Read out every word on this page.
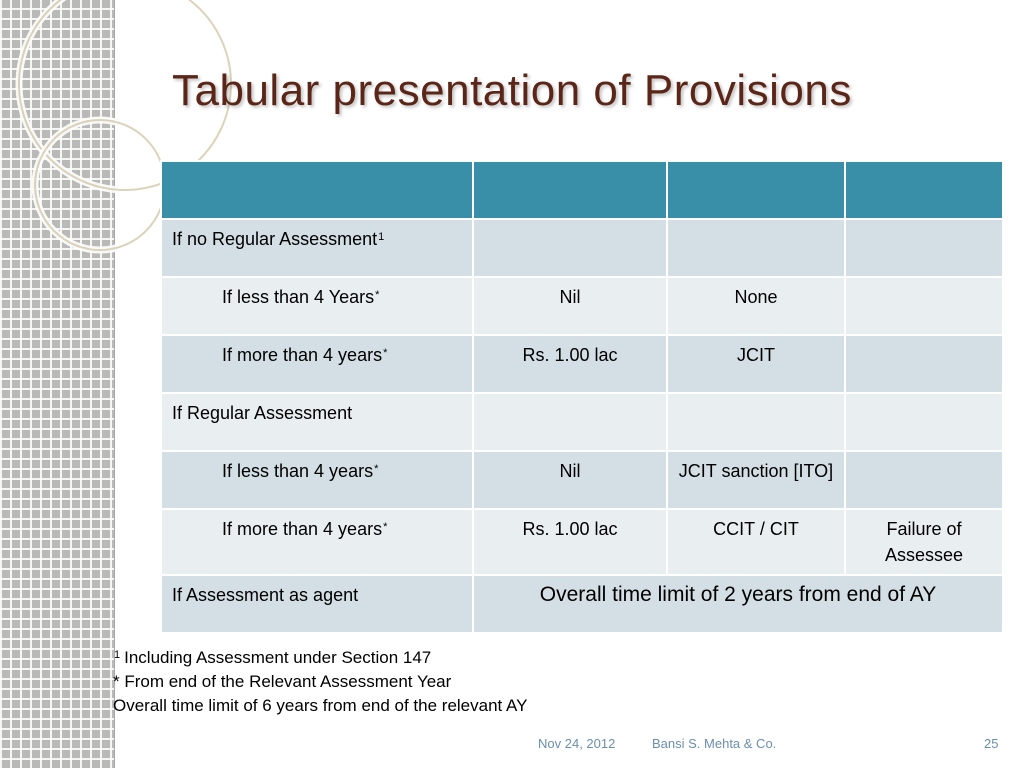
Tabular presentation of Provisions

If no Regular Assessment$^1$			
If less than 4 Years*	Nil	None	
If more than 4 years*	Rs. 1.00 lac	JCIT	
If Regular Assessment			
If less than 4 years*	Nil	JCIT sanction [ITO]	
If more than 4 years*	Rs. 1.00 lac	CCIT / CIT	Failure of Assessee
If Assessment as agent	Overall time limit of 2 years from end of AY		
$^1$ Including Assessment under Section 147
* From end of the Relevant Assessment Year
Overall time limit of 6 years from end of the relevant AY
Nov 24, 2012	Bansi S. Mehta & Co.	25
